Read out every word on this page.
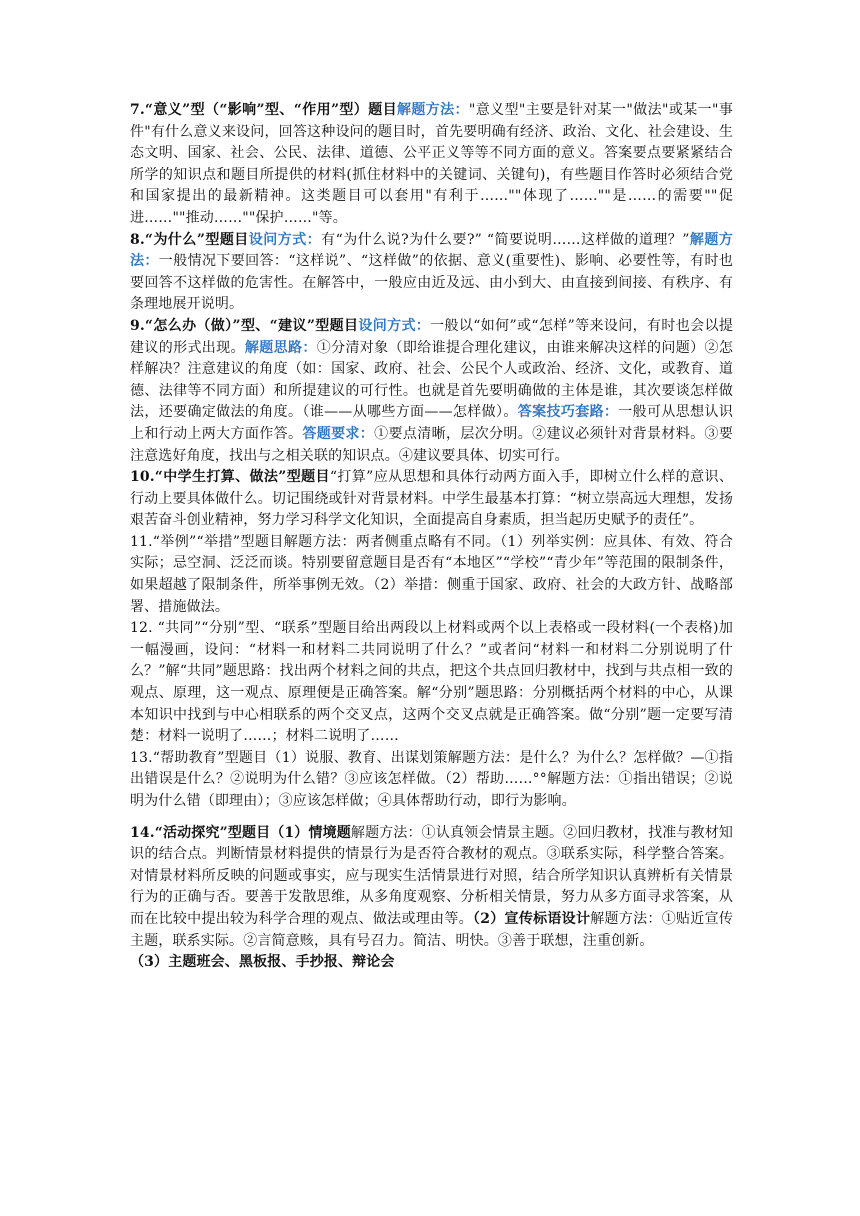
7.“意义”型（“影响”型、“作用”型）题目解题方法："意义型"主要是针对某一"做法"或某一"事件"有什么意义来设问，回答这种设问的题目时，首先要明确有经济、政治、文化、社会建设、生态文明、国家、社会、公民、法律、道德、公平正义等等不同方面的意义。答案要点要紧紧结合所学的知识点和题目所提供的材料(抓住材料中的关键词、关键句)，有些题目作答时必须结合党和国家提出的最新精神。这类题目可以套用"有利于……""体现了……""是……的需要""促进……""推动……""保护……"等。

8.“为什么”型题目设问方式：有“为什么说?为什么要?” “简要说明……这样做的道理？”解题方法：一般情况下要回答：“这样说”、“这样做”的依据、意义(重要性)、影响、必要性等，有时也要回答不这样做的危害性。在解答中，一般应由近及远、由小到大、由直接到间接、有秩序、有条理地展开说明。

9.“怎么办（做）”型、“建议”型题目设问方式：一般以“如何”或“怎样”等来设问，有时也会以提建议的形式出现。解题思路：①分清对象（即给谁提合理化建议，由谁来解决这样的问题）②怎样解决？注意建议的角度（如：国家、政府、社会、公民个人或政治、经济、文化，或教育、道德、法律等不同方面）和所提建议的可行性。也就是首先要明确做的主体是谁，其次要谈怎样做法，还要确定做法的角度。（谁——从哪些方面——怎样做）。答案技巧套路：一般可从思想认识上和行动上两大方面作答。答题要求：①要点清晰，层次分明。②建议必须针对背景材料。③要注意选好角度，找出与之相关联的知识点。④建议要具体、切实可行。

10.“中学生打算、做法”型题目“打算”应从思想和具体行动两方面入手，即树立什么样的意识、行动上要具体做什么。切记围绕或针对背景材料。中学生最基本打算：“树立崇高远大理想，发扬艰苦奋斗创业精神，努力学习科学文化知识，全面提高自身素质，担当起历史赋予的责任”。

11.“举例”“举措”型题目解题方法：两者侧重点略有不同。（1）列举实例：应具体、有效、符合实际；忌空洞、泛泛而谈。特别要留意题目是否有“本地区”“学校”“青少年”等范围的限制条件，如果超越了限制条件，所举事例无效。（2）举措：侧重于国家、政府、社会的大政方针、战略部署、措施做法。

12. “共同”“分别”型、“联系”型题目给出两段以上材料或两个以上表格或一段材料(一个表格)加一幅漫画，设问：“材料一和材料二共同说明了什么？”或者问“材料一和材料二分别说明了什么？”解“共同”题思路：找出两个材料之间的共点，把这个共点回归教材中，找到与共点相一致的观点、原理，这一观点、原理便是正确答案。解“分别”题思路：分别概括两个材料的中心，从课本知识中找到与中心相联系的两个交叉点，这两个交叉点就是正确答案。做“分别”题一定要写清楚：材料一说明了……；材料二说明了……

13.“帮助教育”型题目（1）说服、教育、出谋划策解题方法：是什么？为什么？怎样做？—①指出错误是什么？②说明为什么错？③应该怎样做。（2）帮助……°°解题方法：①指出错误；②说明为什么错（即理由）；③应该怎样做；④具体帮助行动，即行为影响。

14.“活动探究”型题目（1）情境题解题方法：①认真领会情景主题。②回归教材，找准与教材知识的结合点。判断情景材料提供的情景行为是否符合教材的观点。③联系实际，科学整合答案。对情景材料所反映的问题或事实，应与现实生活情景进行对照，结合所学知识认真辨析有关情景行为的正确与否。要善于发散思维，从多角度观察、分析相关情景，努力从多方面寻求答案，从而在比较中提出较为科学合理的观点、做法或理由等。（2）宣传标语设计解题方法：①贴近宣传主题，联系实际。②言简意赅，具有号召力。简洁、明快。③善于联想，注重创新。

（3）主题班会、黑板报、手抄报、辩论会
